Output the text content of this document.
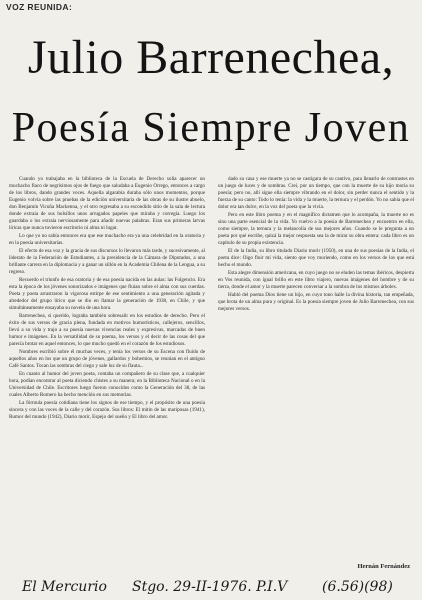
VOZ REUNIDA:
Julio Barrenechea,
Poesía Siempre Joven

Cuando yo trabajaba en la biblioteca de la Escuela de Derecho solía aparecer un muchacho flaco de negrísimos ojos de fuego que saludaba a Eugenio Orrego, entonces a cargo de los libros, dando grandes voces. Aquella algarabía duraba sólo unos momentos, porque Eugenio volvía sobre las pruebas de la edición universitaria de las obras de su ilustre abuelo, don Benjamín Vicuña Mackenna, y el otro regresaba a su escondido sitio de la sala de lectura donde extraía de sus bolsillos unos arrugados papeles que miraba y corregía. Luego los guardaba o los extraía nerviosamente para añadir nuevas palabras. Eran sus primeras larvas líricas que nunca tuvieron escritorio ni alma ni lugar.

Lo que yo no sabía entonces era que ese muchacho era ya una celebridad en la oratoria y en la poesía universitarias.

El efecto de esa voz y la gracia de sus discursos lo llevaron más tarde, y sucesivamente, al liderato de la Federación de Estudiantes, a la presidencia de la Cámara de Diputados, a una brillante carrera en la diplomacia y a ganar un sillón en la Academia Chilena de la Lengua, a su regreso.

Recuerdo el triunfo de esa oratoria y de esa poesía nacida en las aulas: las Fulgencio. Era esta la época de los jóvenes sonorizados e imágenes que fluían sobre el alma con sus cuerdas. Poeta y poeta arrastraron la vigorosa estirpe de ese sentimiento a una generación agitada y alrededor del grupo lírico que se dio en llamar la generación de 1938, en Chile, y que simultáneamente ensayaba su novela de una hora.

Barrenechea, si querido, lograba también sobresalir en los estudios de derecho. Pero el éxito de sus versos de gracia plena, fundada en motivos humorísticos, callejeros, sencillos, llevó a su vida y trajo a su poesía nuevas vivencias reales y expresivas, marcadas de buen humor e imágenes. En la versatilidad de su poema, los versos y el decir de las cosas del que parecía brotar en aquel entonces, lo que mucho quedó en el corazón de los estudiosos.

Nombres escribió sobre él muchas veces, y tenía los versos de su Escena con fluido de aquellos años en los que un grupo de jóvenes, gallardos y bohemios, se reunían en el antiguo Café Santos. Tocan las sombras del ciego y sale luz de su flauta...

En cuanto al humor del joven poeta, contaba un compañero de su clase que, a cualquier hora, podían encontrar al poeta diciendo chistes a su manera; en la Biblioteca Nacional o en la Universidad de Chile. Escritores luego fueron conocidos como la Generación del 38, de las cuales Alberto Romero ha hecho mención en sus memorias.

La fórmula poesía cotidiana tiene los signos de ese tiempo, y el propósito de una poesía sincera y con las voces de la calle y del corazón. Sus libros: El mitin de las mariposas (1941), Rumor del mundo (1942), Diario morir, Espejo del sueño y El libro del amor.

dado su casa y ese muerte ya no se castigara de su cautivo, para llenarlo de contrastes en un juego de luces y de sombras. Creí, por un tiempo, que con la muerte de su hijo moría su poesía; pero no, allí sigue ella siempre vibrando en el dolor, sin perder nunca el sentido y la fuerza de su canto: Todo lo tenía: la vida y la muerte, la ternura y el perdón. Yo no sabía que el dolor era tan dulce, en la voz del poeta que la vivía.

Pero en este libro poema y en el magnífico dictamen que lo acompaña, la muerte no es sino una parte esencial de la vida. Yo vuelvo a la poesía de Barrenechea y encuentro en ella, como siempre, la ternura y la melancolía de sus mejores años. Cuando se le pregunta a un poeta por qué escribe, quizá la mejor respuesta sea la de mirar su obra entera: cada libro es un capítulo de su propia existencia.

El de la India, su libro titulado Diario morir (1950), en una de sus poesías de la India, el poeta dice: Oigo fluir mi vida, siento que voy muriendo, como en los versos de los que está hecho el mundo.

Esta alegre dimensión americana, en cuyo juego no se eluden las temas ibéricos, despierta en Vos reunida, con igual brillo en este libro viajero, nuevas imágenes del hombre y de su tierra, donde el amor y la muerte parecen conversar a la sombra de los mismos árboles.

Habló del poema Dios tiene un hijo, en cuyo tono halle la divina historia, tan empeñada, que brota de un alma pura y original. Es la poesía siempre joven de Julio Barrenechea, con sus mejores versos.

Hernán Fernández
El Mercurio Stgo. 29-II-1976. P.I.V (6.56)(98)
